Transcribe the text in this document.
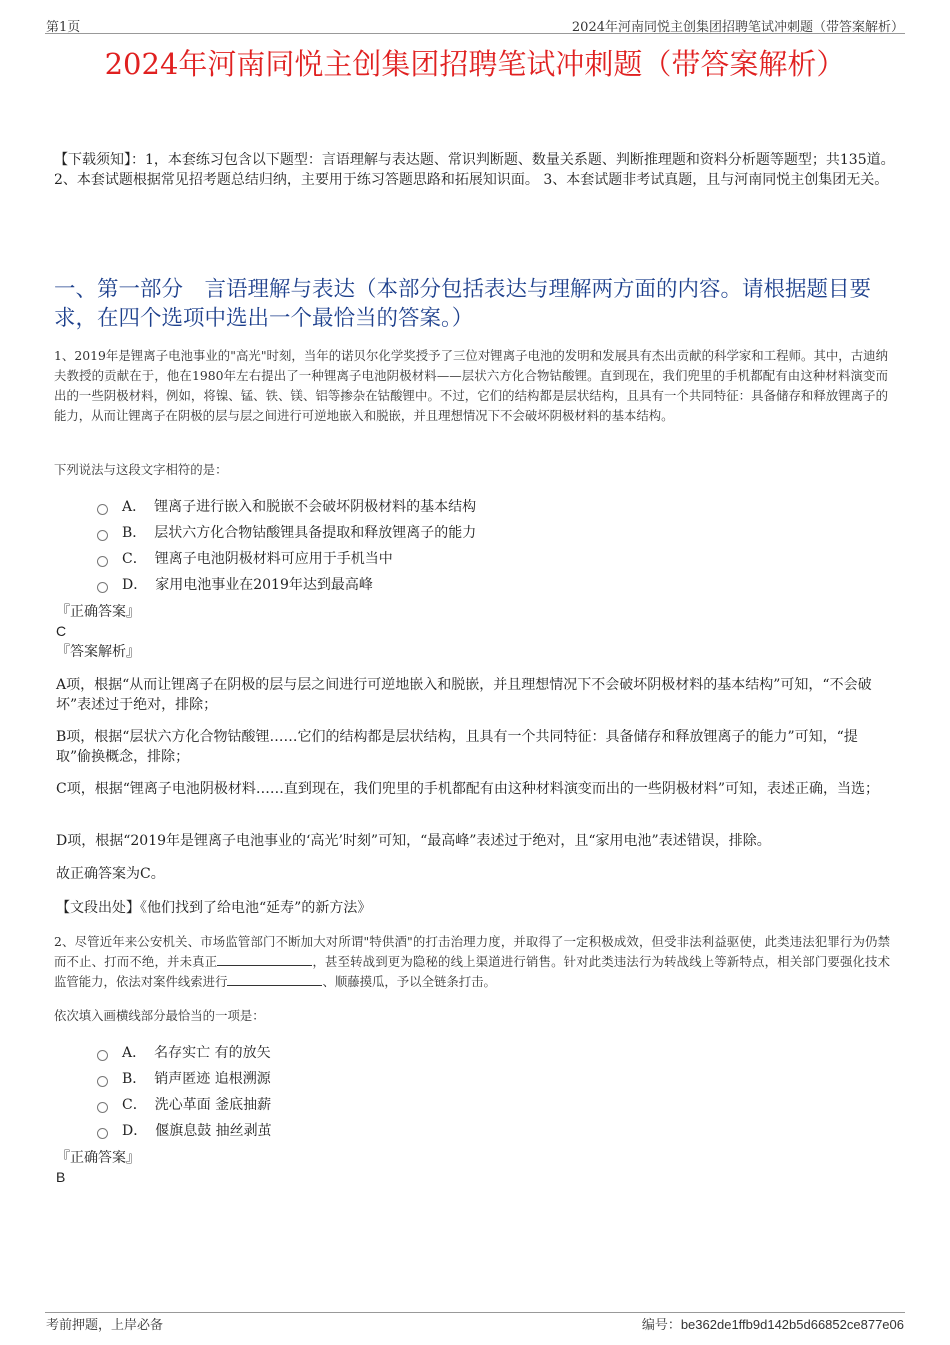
第1页	2024年河南同悦主创集团招聘笔试冲刺题（带答案解析）
2024年河南同悦主创集团招聘笔试冲刺题（带答案解析）
【下载须知】：1，本套练习包含以下题型：言语理解与表达题、常识判断题、数量关系题、判断推理题和资料分析题等题型；共135道。 2、本套试题根据常见招考题总结归纳，主要用于练习答题思路和拓展知识面。 3、本套试题非考试真题，且与河南同悦主创集团无关。
一、第一部分　言语理解与表达（本部分包括表达与理解两方面的内容。请根据题目要求，在四个选项中选出一个最恰当的答案。）
1、2019年是锂离子电池事业的"高光"时刻，当年的诺贝尔化学奖授予了三位对锂离子电池的发明和发展具有杰出贡献的科学家和工程师。其中，古迪纳夫教授的贡献在于，他在1980年左右提出了一种锂离子电池阴极材料——层状六方化合物钴酸锂。直到现在，我们兜里的手机都配有由这种材料演变而出的一些阴极材料，例如，将镍、锰、铁、镁、铝等掺杂在钴酸锂中。不过，它们的结构都是层状结构，且具有一个共同特征：具备储存和释放锂离子的能力，从而让锂离子在阴极的层与层之间进行可逆地嵌入和脱嵌，并且理想情况下不会破坏阴极材料的基本结构。
下列说法与这段文字相符的是：
A． 锂离子进行嵌入和脱嵌不会破坏阴极材料的基本结构
B． 层状六方化合物钴酸锂具备提取和释放锂离子的能力
C． 锂离子电池阴极材料可应用于手机当中
D． 家用电池事业在2019年达到最高峰
『正确答案』
C
『答案解析』
A项，根据“从而让锂离子在阴极的层与层之间进行可逆地嵌入和脱嵌，并且理想情况下不会破坏阴极材料的基本结构”可知，“不会破坏”表述过于绝对，排除；
B项，根据“层状六方化合物钴酸锂……它们的结构都是层状结构，且具有一个共同特征：具备储存和释放锂离子的能力”可知，“提取”偷换概念，排除；
C项，根据“锂离子电池阴极材料……直到现在，我们兜里的手机都配有由这种材料演变而出的一些阴极材料”可知，表述正确，当选；
D项，根据“2019年是锂离子电池事业的‘高光’时刻”可知，“最高峰”表述过于绝对，且“家用电池”表述错误，排除。
故正确答案为C。
【文段出处】《他们找到了给电池“延寿”的新方法》
2、尽管近年来公安机关、市场监管部门不断加大对所谓"特供酒"的打击治理力度，并取得了一定积极成效，但受非法利益驱使，此类违法犯罪行为仍禁而不止、打而不绝，并未真正	，甚至转战到更为隐秘的线上渠道进行销售。针对此类违法行为转战线上等新特点，相关部门要强化技术监管能力，依法对案件线索进行	、顺藤摸瓜，予以全链条打击。
依次填入画横线部分最恰当的一项是：
A． 名存实亡 有的放矢
B． 销声匿迹 追根溯源
C． 洗心革面 釜底抽薪
D． 偃旗息鼓 抽丝剥茧
『正确答案』
B
考前押题，上岸必备	编号：be362de1ffb9d142b5d66852ce877e06
